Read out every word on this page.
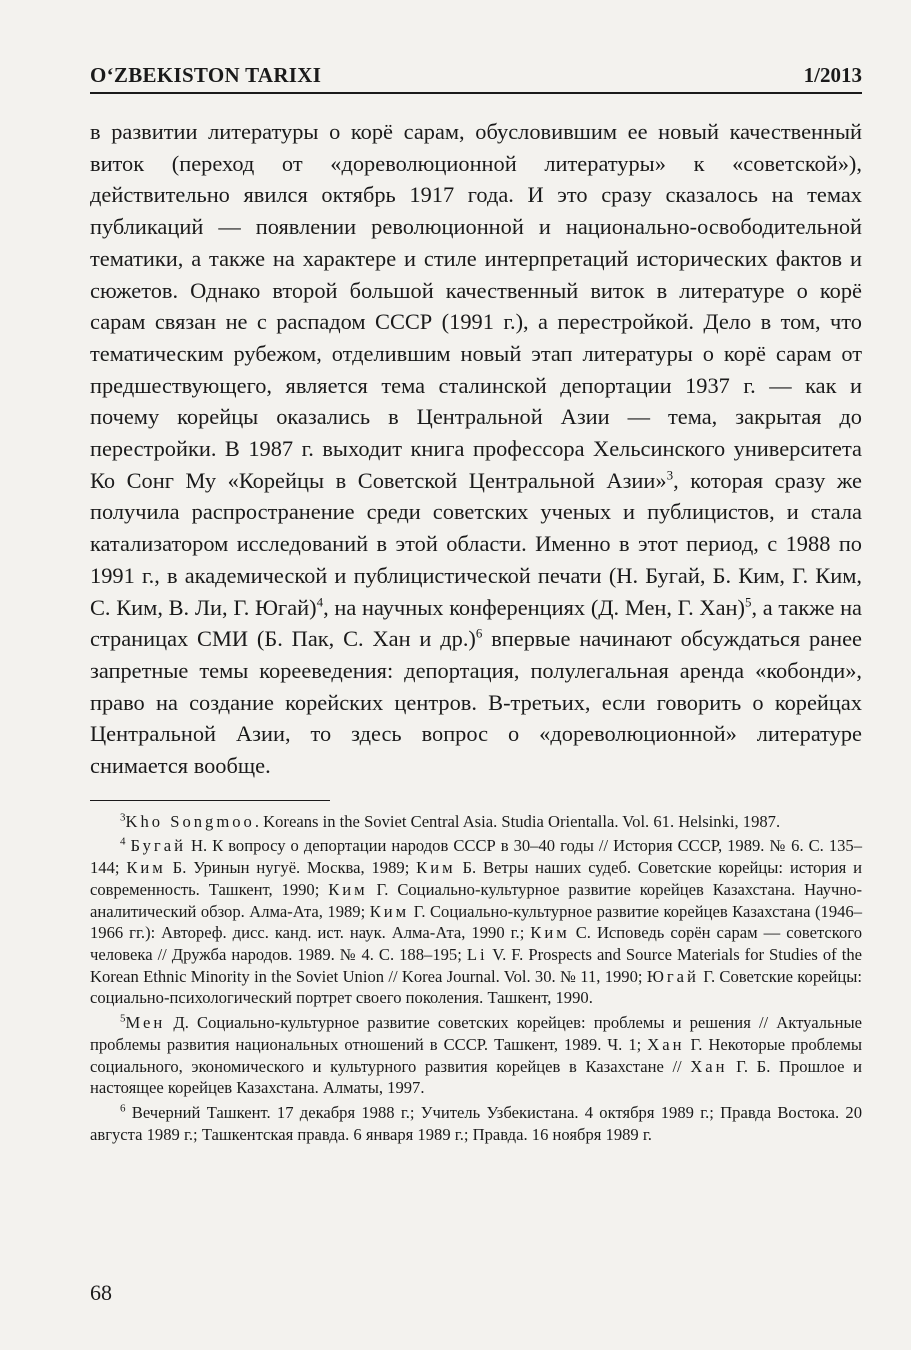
O‘ZBEKISTON TARIXI	1/2013
в развитии литературы о корё сарам, обусловившим ее новый качественный виток (переход от «дореволюционной литературы» к «советской»), действительно явился октябрь 1917 года. И это сразу сказалось на темах публикаций — появлении революционной и национально-освободительной тематики, а также на характере и стиле интерпретаций исторических фактов и сюжетов. Однако второй большой качественный виток в литературе о корё сарам связан не с распадом СССР (1991 г.), а перестройкой. Дело в том, что тематическим рубежом, отделившим новый этап литературы о корё сарам от предшествующего, является тема сталинской депортации 1937 г. — как и почему корейцы оказались в Центральной Азии — тема, закрытая до перестройки. В 1987 г. выходит книга профессора Хельсинского университета Ко Сонг Му «Корейцы в Советской Центральной Азии»$^3$, которая сразу же получила распространение среди советских ученых и публицистов, и стала катализатором исследований в этой области. Именно в этот период, с 1988 по 1991 г., в академической и публицистической печати (Н. Бугай, Б. Ким, Г. Ким, С. Ким, В. Ли, Г. Югай)$^4$, на научных конференциях (Д. Мен, Г. Хан)$^5$, а также на страницах СМИ (Б. Пак, С. Хан и др.)$^6$ впервые начинают обсуждаться ранее запретные темы корееведения: депортация, полулегальная аренда «кобонди», право на создание корейских центров. В-третьих, если говорить о корейцах Центральной Азии, то здесь вопрос о «дореволюционной» литературе снимается вообще.

$^3$Kho Songmoo. Koreans in the Soviet Central Asia. Studia Orientalla. Vol. 61. Helsinki, 1987.

$^4$ Бугай Н. К вопросу о депортации народов СССР в 30–40 годы // История СССР, 1989. № 6. С. 135–144; Ким Б. Уринын нугуё. Москва, 1989; Ким Б. Ветры наших судеб. Советские корейцы: история и современность. Ташкент, 1990; Ким Г. Социально-культурное развитие корейцев Казахстана. Научно-аналитический обзор. Алма-Ата, 1989; Ким Г. Социально-культурное развитие корейцев Казахстана (1946–1966 гг.): Автореф. дисс. канд. ист. наук. Алма-Ата, 1990 г.; Ким С. Исповедь сорён сарам — советского человека // Дружба народов. 1989. № 4. С. 188–195; Li V. F. Prospects and Source Materials for Studies of the Korean Ethnic Minority in the Soviet Union // Korea Journal. Vol. 30. № 11, 1990; Югай Г. Советские корейцы: социально-психологический портрет своего поколения. Ташкент, 1990.

$^5$Мен Д. Социально-культурное развитие советских корейцев: проблемы и решения // Актуальные проблемы развития национальных отношений в СССР. Ташкент, 1989. Ч. 1; Хан Г. Некоторые проблемы социального, экономического и культурного развития корейцев в Казахстане // Хан Г. Б. Прошлое и настоящее корейцев Казахстана. Алматы, 1997.

$^6$ Вечерний Ташкент. 17 декабря 1988 г.; Учитель Узбекистана. 4 октября 1989 г.; Правда Востока. 20 августа 1989 г.; Ташкентская правда. 6 января 1989 г.; Правда. 16 ноября 1989 г.

68
